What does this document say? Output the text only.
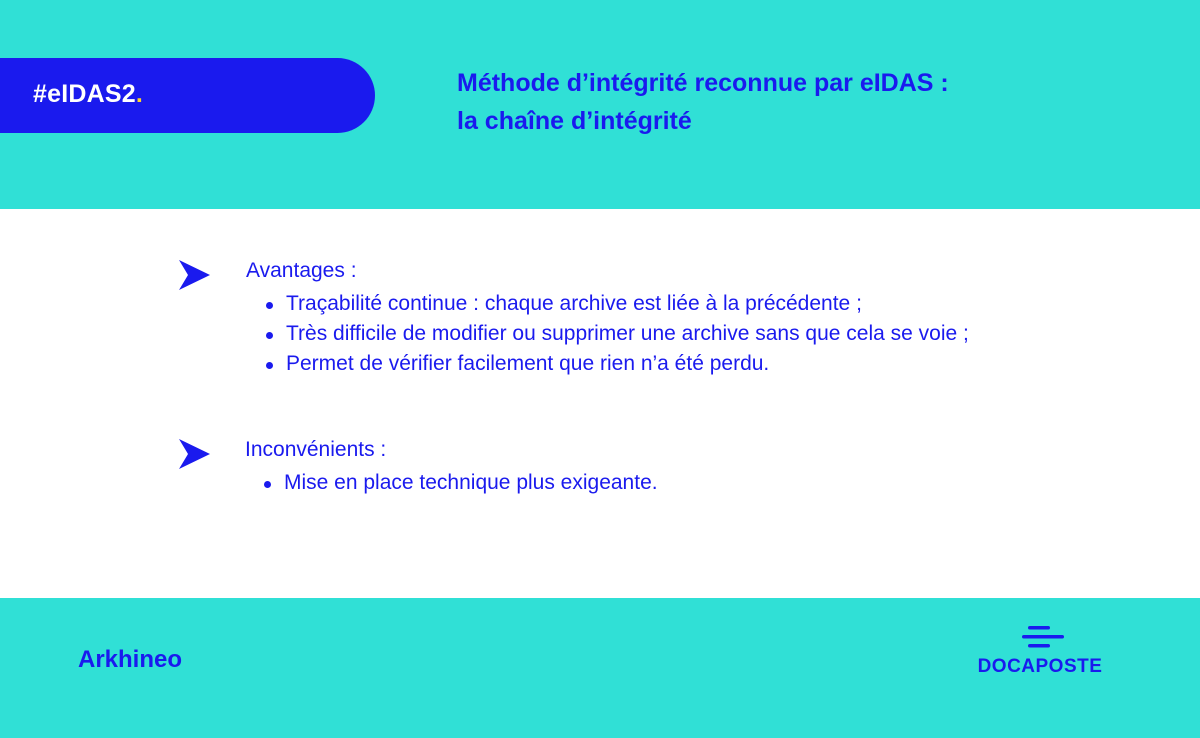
#eIDAS2.	Méthode d’intégrité reconnue par eIDAS :
la chaîne d’intégrité
Avantages :
Traçabilité continue : chaque archive est liée à la précédente ;
Très difficile de modifier ou supprimer une archive sans que cela se voie ;
Permet de vérifier facilement que rien n’a été perdu.
Inconvénients :
Mise en place technique plus exigeante.
Arkhineo	DOCAPOSTE
